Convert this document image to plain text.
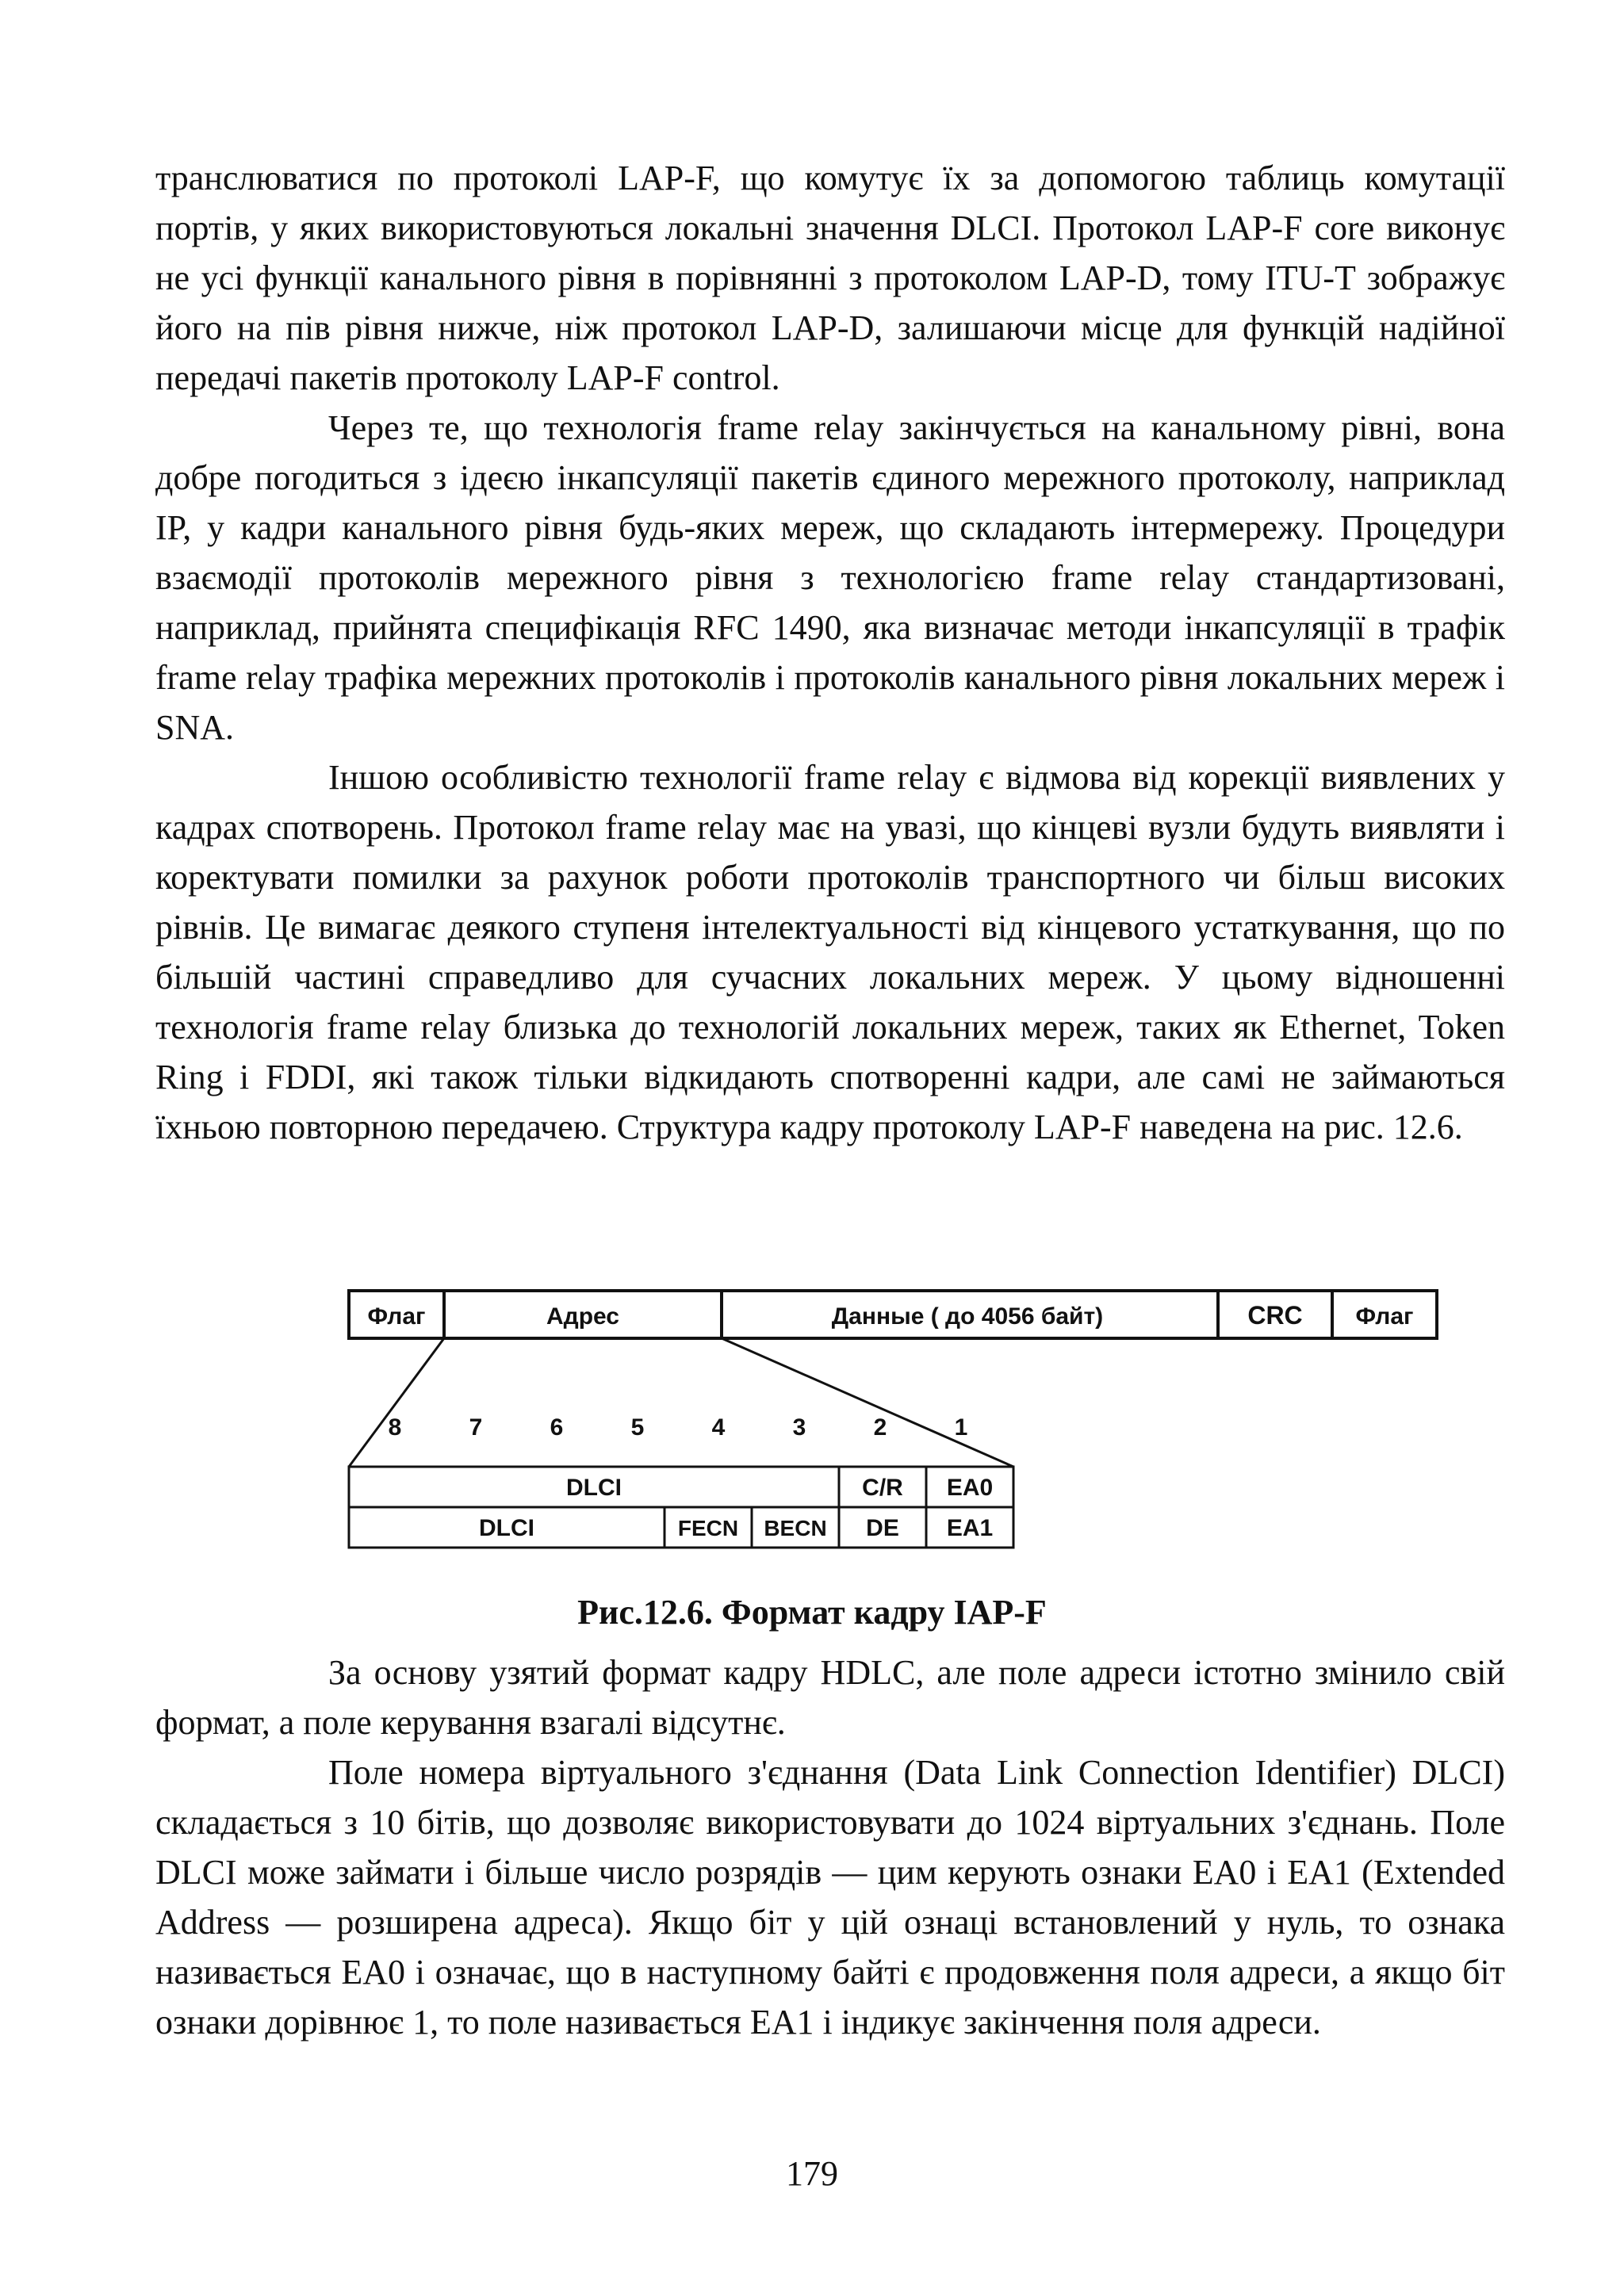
транслюватися по протоколі LAP-F, що комутує їх за допомогою таблиць комутації портів, у яких використовуються локальні значення DLCI. Протокол LAP-F core виконує не усі функції канального рівня в порівнянні з протоколом LAP-D, тому ITU-T зображує його на пів рівня нижче, ніж протокол LAP-D, залишаючи місце для функцій надійної передачі пакетів протоколу LAP-F control.

Через те, що технологія frame relay закінчується на канальному рівні, вона добре погодиться з ідеєю інкапсуляції пакетів єдиного мережного протоколу, наприклад IP, у кадри канального рівня будь-яких мереж, що складають інтермережу. Процедури взаємодії протоколів мережного рівня з технологією frame relay стандартизовані, наприклад, прийнята специфікація RFC 1490, яка визначає методи інкапсуляції в трафік frame relay трафіка мережних протоколів і протоколів канального рівня локальних мереж і SNA.

Іншою особливістю технології frame relay є відмова від корекції виявлених у кадрах спотворень. Протокол frame relay має на увазі, що кінцеві вузли будуть виявляти і коректувати помилки за рахунок роботи протоколів транспортного чи більш високих рівнів. Це вимагає деякого ступеня інтелектуальності від кінцевого устаткування, що по більшій частині справедливо для сучасних локальних мереж. У цьому відношенні технологія frame relay близька до технологій локальних мереж, таких як Ethernet, Token Ring і FDDI, які також тільки відкидають спотворенні кадри, але самі не займаються їхньою повторною передачею. Структура кадру протоколу LAP-F наведена на рис. 12.6.

Флаг	Адрес	Данные ( до 4056 байт)	CRC Флаг
8	7	6	5	4	3	2	1
DLCI	C/R EA0
DLCI	FECN BECN DE EA1
Рис.12.6. Формат кадру IAP-F

За основу узятий формат кадру HDLC, але поле адреси істотно змінило свій формат, а поле керування взагалі відсутнє.

Поле номера віртуального з'єднання (Data Link Connection Identifier) DLCI) складається з 10 бітів, що дозволяє використовувати до 1024 віртуальних з'єднань. Поле DLCI може займати і більше число розрядів — цим керують ознаки EA0 і EA1 (Extended Address — розширена адреса). Якщо біт у цій ознаці встановлений у нуль, то ознака називається EA0 і означає, що в наступному байті є продовження поля адреси, а якщо біт ознаки дорівнює 1, то поле називається EA1 і індикує закінчення поля адреси.

179
